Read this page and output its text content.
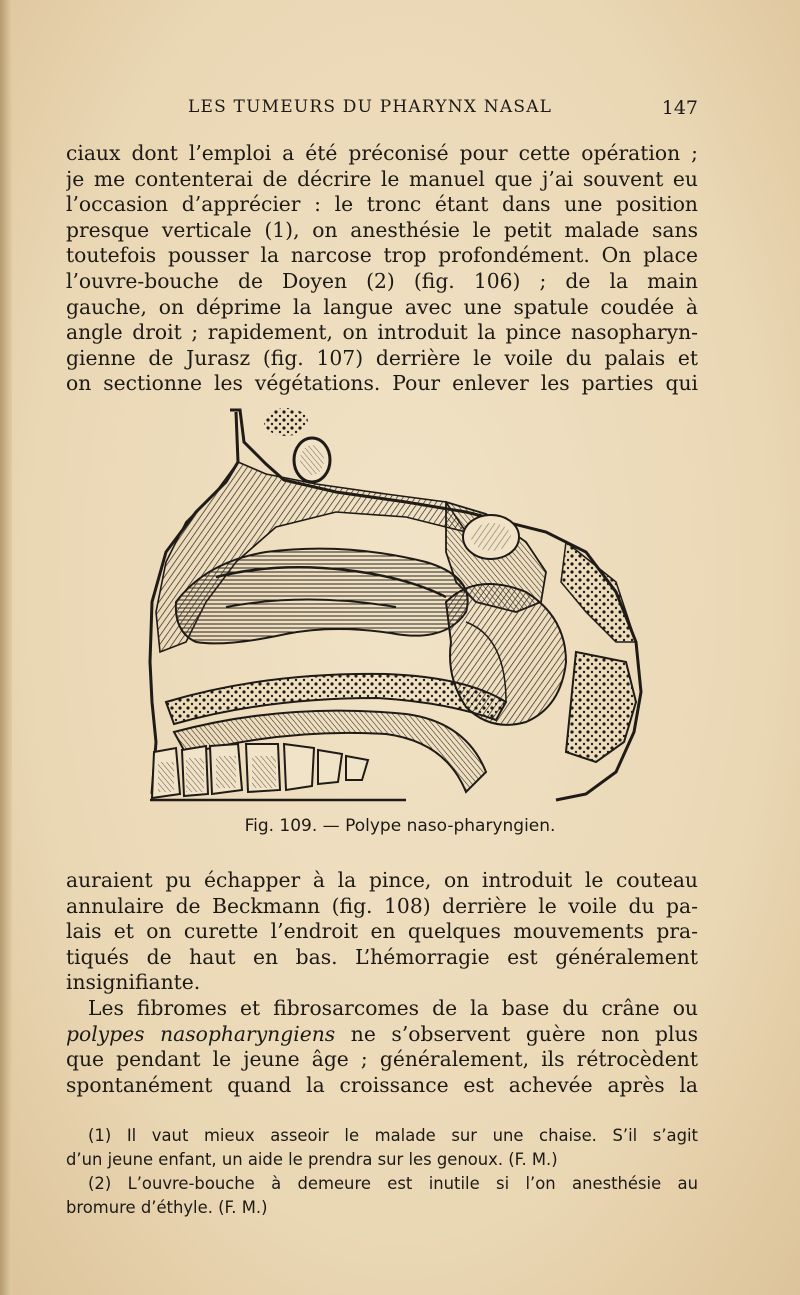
LES TUMEURS DU PHARYNX NASAL	147
ciaux dont l’emploi a été préconisé pour cette opération ;
je me contenterai de décrire le manuel que j’ai souvent eu
l’occasion d’apprécier : le tronc étant dans une position
presque verticale (1), on anesthésie le petit malade sans
toutefois pousser la narcose trop profondément. On place
l’ouvre-bouche de Doyen (2) (fig. 106) ; de la main
gauche, on déprime la langue avec une spatule coudée à
angle droit ; rapidement, on introduit la pince nasopharyn-
gienne de Jurasz (fig. 107) derrière le voile du palais et
on sectionne les végétations. Pour enlever les parties qui
Fig. 109. — Polype naso-pharyngien.
auraient pu échapper à la pince, on introduit le couteau
annulaire de Beckmann (fig. 108) derrière le voile du pa-
lais et on curette l’endroit en quelques mouvements pra-
tiqués de haut en bas. L’hémorragie est généralement
insignifiante.
Les fibromes et fibrosarcomes de la base du crâne ou
polypes nasopharyngiens ne s’observent guère non plus
que pendant le jeune âge ; généralement, ils rétrocèdent
spontanément quand la croissance est achevée après la
(1) Il vaut mieux asseoir le malade sur une chaise. S’il s’agit
d’un jeune enfant, un aide le prendra sur les genoux. (F. M.)
(2) L’ouvre-bouche à demeure est inutile si l’on anesthésie au
bromure d’éthyle. (F. M.)
